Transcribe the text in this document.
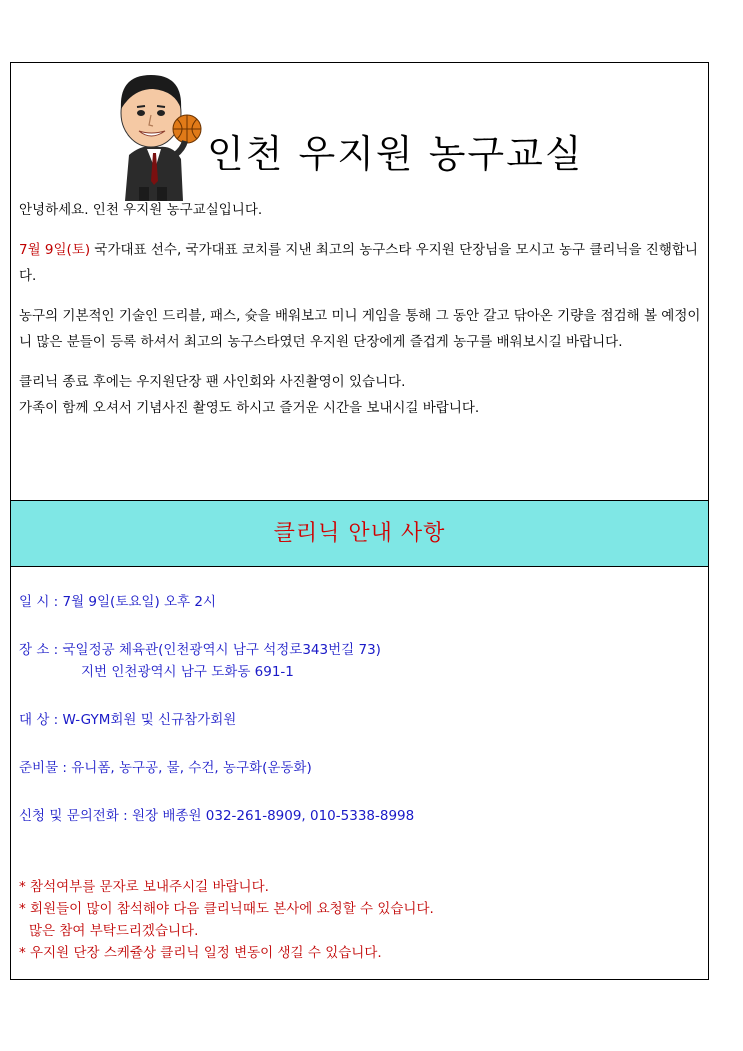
인천 우지원 농구교실

안녕하세요. 인천 우지원 농구교실입니다.

7월 9일(토) 국가대표 선수, 국가대표 코치를 지낸 최고의 농구스타 우지원 단장님을 모시고 농구 클리닉을 진행합니다.

농구의 기본적인 기술인 드리블, 패스, 슛을 배워보고 미니 게임을 통해 그 동안 갈고 닦아온 기량을 점검해 볼 예정이니 많은 분들이 등록 하셔서 최고의 농구스타였던 우지원 단장에게 즐겁게 농구를 배워보시길 바랍니다.

클리닉 종료 후에는 우지원단장 팬 사인회와 사진촬영이 있습니다.
가족이 함께 오셔서 기념사진 촬영도 하시고 즐거운 시간을 보내시길 바랍니다.

클리닉 안내 사항

일 시 : 7월 9일(토요일) 오후 2시

장 소 : 국일정공 체육관(인천광역시 남구 석정로343번길 73)

지번 인천광역시 남구 도화동 691-1

대 상 : W-GYM회원 및 신규참가회원

준비물 : 유니폼, 농구공, 물, 수건, 농구화(운동화)

신청 및 문의전화 : 원장 배종원 032-261-8909, 010-5338-8998

* 참석여부를 문자로 보내주시길 바랍니다.

* 회원들이 많이 참석해야 다음 클리닉때도 본사에 요청할 수 있습니다.

많은 참여 부탁드리겠습니다.

* 우지원 단장 스케쥴상 클리닉 일정 변동이 생길 수 있습니다.
